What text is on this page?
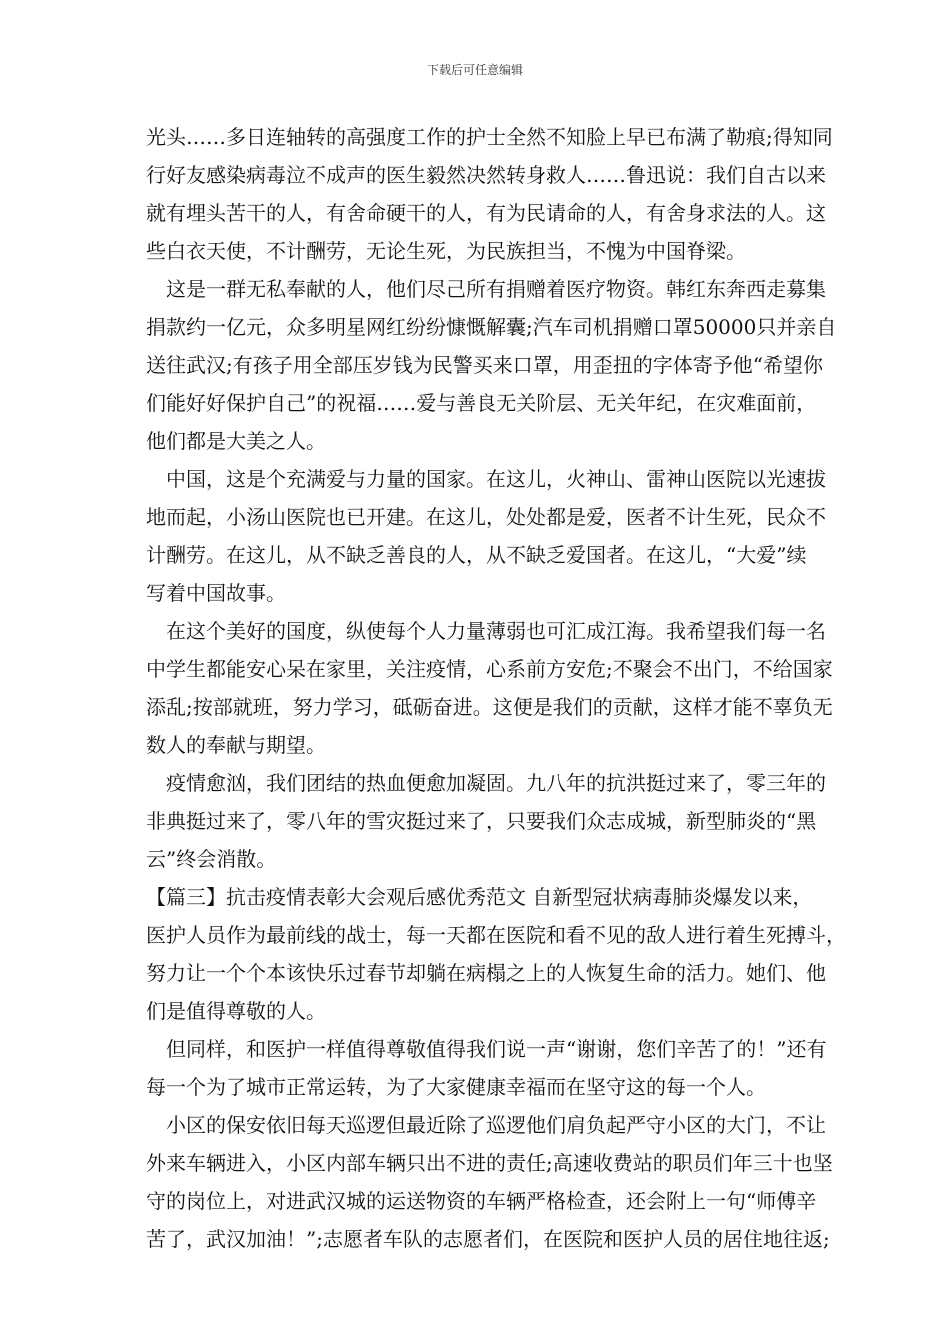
下载后可任意编辑
光头……多日连轴转的高强度工作的护士全然不知脸上早已布满了勒痕;得知同
行好友感染病毒泣不成声的医生毅然决然转身救人……鲁迅说：我们自古以来
就有埋头苦干的人，有舍命硬干的人，有为民请命的人，有舍身求法的人。这
些白衣天使，不计酬劳，无论生死，为民族担当，不愧为中国脊梁。
这是一群无私奉献的人，他们尽己所有捐赠着医疗物资。韩红东奔西走募集
捐款约一亿元，众多明星网红纷纷慷慨解囊;汽车司机捐赠口罩50000只并亲自
送往武汉;有孩子用全部压岁钱为民警买来口罩，用歪扭的字体寄予他“希望你
们能好好保护自己”的祝福……爱与善良无关阶层、无关年纪，在灾难面前，
他们都是大美之人。
中国，这是个充满爱与力量的国家。在这儿，火神山、雷神山医院以光速拔
地而起，小汤山医院也已开建。在这儿，处处都是爱，医者不计生死，民众不
计酬劳。在这儿，从不缺乏善良的人，从不缺乏爱国者。在这儿，“大爱”续
写着中国故事。
在这个美好的国度，纵使每个人力量薄弱也可汇成江海。我希望我们每一名
中学生都能安心呆在家里，关注疫情，心系前方安危;不聚会不出门，不给国家
添乱;按部就班，努力学习，砥砺奋进。这便是我们的贡献，这样才能不辜负无
数人的奉献与期望。
疫情愈汹，我们团结的热血便愈加凝固。九八年的抗洪挺过来了，零三年的
非典挺过来了，零八年的雪灾挺过来了，只要我们众志成城，新型肺炎的“黑
云”终会消散。
【篇三】抗击疫情表彰大会观后感优秀范文 自新型冠状病毒肺炎爆发以来，
医护人员作为最前线的战士，每一天都在医院和看不见的敌人进行着生死搏斗，
努力让一个个本该快乐过春节却躺在病榻之上的人恢复生命的活力。她们、他
们是值得尊敬的人。
但同样，和医护一样值得尊敬值得我们说一声“谢谢，您们辛苦了的！”还有
每一个为了城市正常运转，为了大家健康幸福而在坚守这的每一个人。
小区的保安依旧每天巡逻但最近除了巡逻他们肩负起严守小区的大门，不让
外来车辆进入，小区内部车辆只出不进的责任;高速收费站的职员们年三十也坚
守的岗位上，对进武汉城的运送物资的车辆严格检查，还会附上一句“师傅辛
苦了，武汉加油！”;志愿者车队的志愿者们，在医院和医护人员的居住地往返;
